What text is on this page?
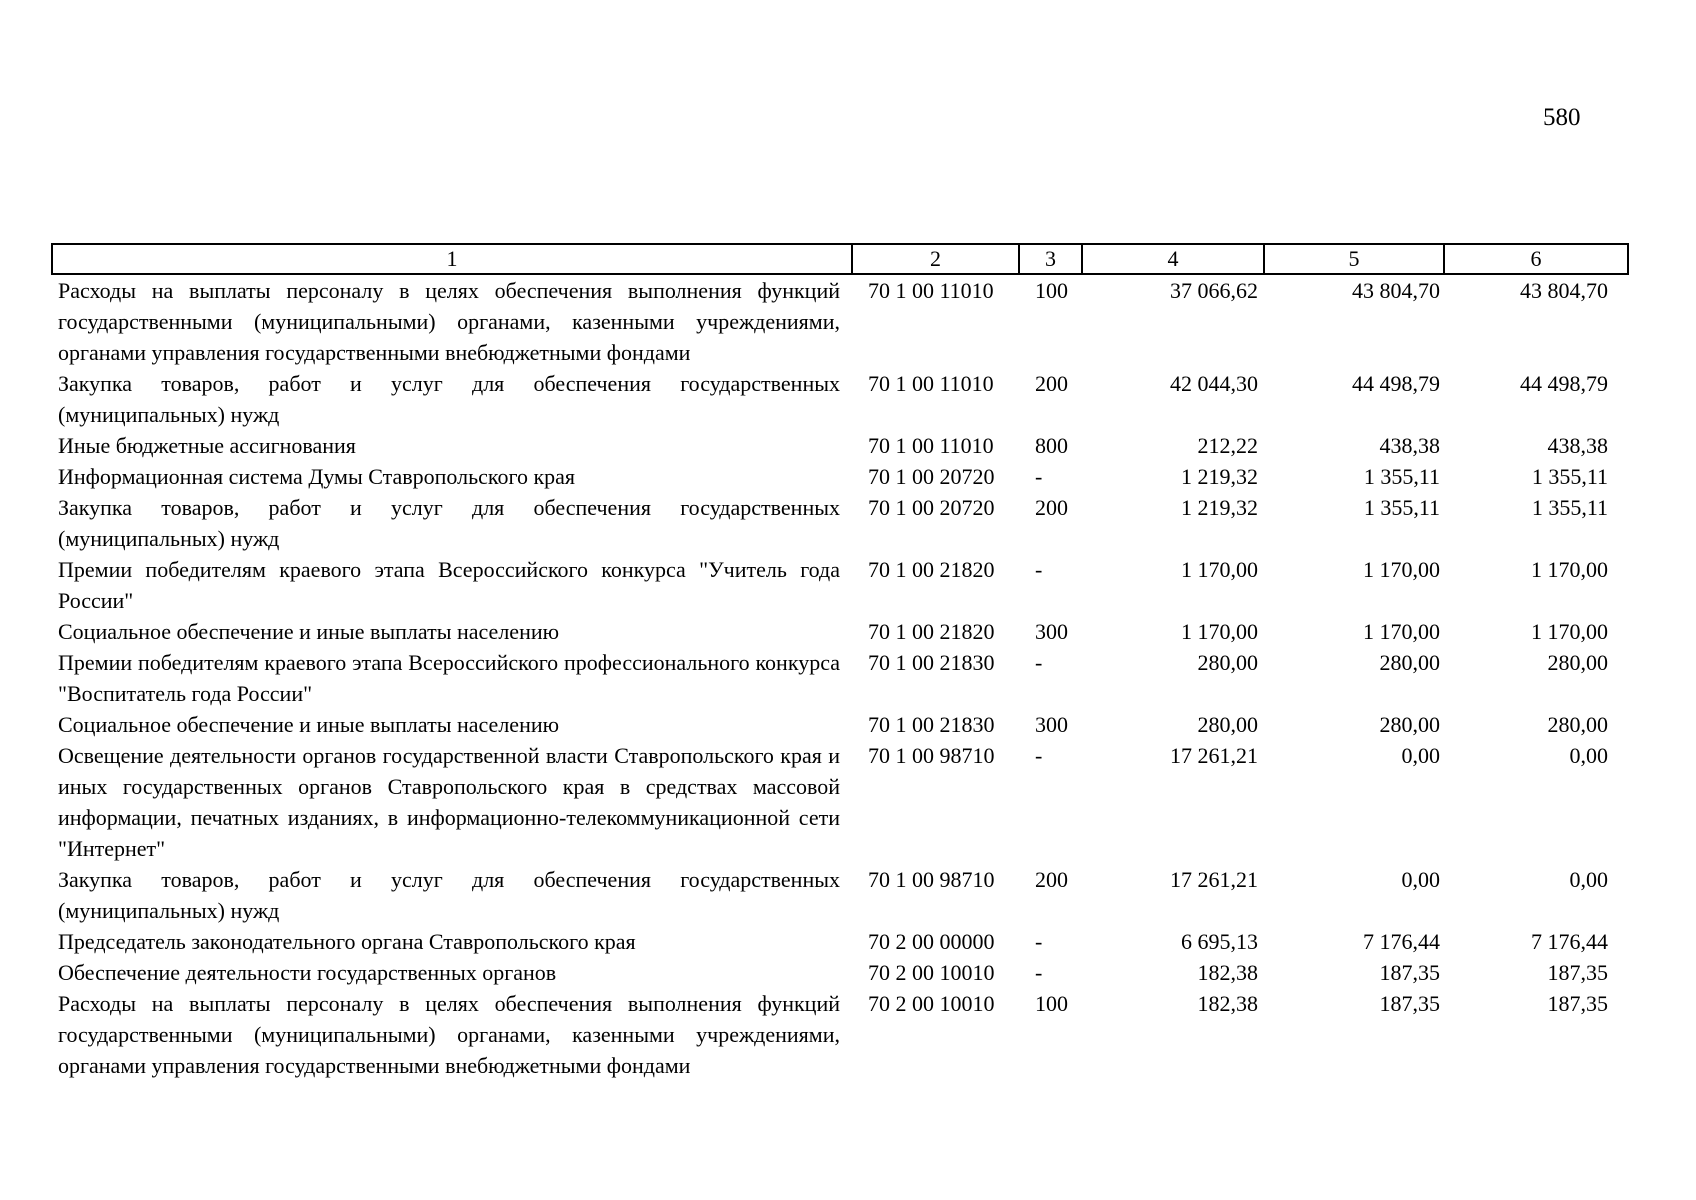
580
1	2	3	4	5	6
Расходы на выплаты персоналу в целях обеспечения выполнения функций государственными (муниципальными) органами, казенными учреждениями, органами управления государственными внебюджетными фондами	70 1 00 11010	100	37 066,62	43 804,70	43 804,70
Закупка товаров, работ и услуг для обеспечения государственных (муниципальных) нужд	70 1 00 11010	200	42 044,30	44 498,79	44 498,79
Иные бюджетные ассигнования	70 1 00 11010	800	212,22	438,38	438,38
Информационная система Думы Ставропольского края	70 1 00 20720	-	1 219,32	1 355,11	1 355,11
Закупка товаров, работ и услуг для обеспечения государственных (муниципальных) нужд	70 1 00 20720	200	1 219,32	1 355,11	1 355,11
Премии победителям краевого этапа Всероссийского конкурса "Учитель года России"	70 1 00 21820	-	1 170,00	1 170,00	1 170,00
Социальное обеспечение и иные выплаты населению	70 1 00 21820	300	1 170,00	1 170,00	1 170,00
Премии победителям краевого этапа Всероссийского профессионального конкурса "Воспитатель года России"	70 1 00 21830	-	280,00	280,00	280,00
Социальное обеспечение и иные выплаты населению	70 1 00 21830	300	280,00	280,00	280,00
Освещение деятельности органов государственной власти Ставропольского края и иных государственных органов Ставропольского края в средствах массовой информации, печатных изданиях, в информационно-телекоммуникационной сети "Интернет"	70 1 00 98710	-	17 261,21	0,00	0,00
Закупка товаров, работ и услуг для обеспечения государственных (муниципальных) нужд	70 1 00 98710	200	17 261,21	0,00	0,00
Председатель законодательного органа Ставропольского края	70 2 00 00000	-	6 695,13	7 176,44	7 176,44
Обеспечение деятельности государственных органов	70 2 00 10010	-	182,38	187,35	187,35
Расходы на выплаты персоналу в целях обеспечения выполнения функций государственными (муниципальными) органами, казенными учреждениями, органами управления государственными внебюджетными фондами	70 2 00 10010	100	182,38	187,35	187,35
